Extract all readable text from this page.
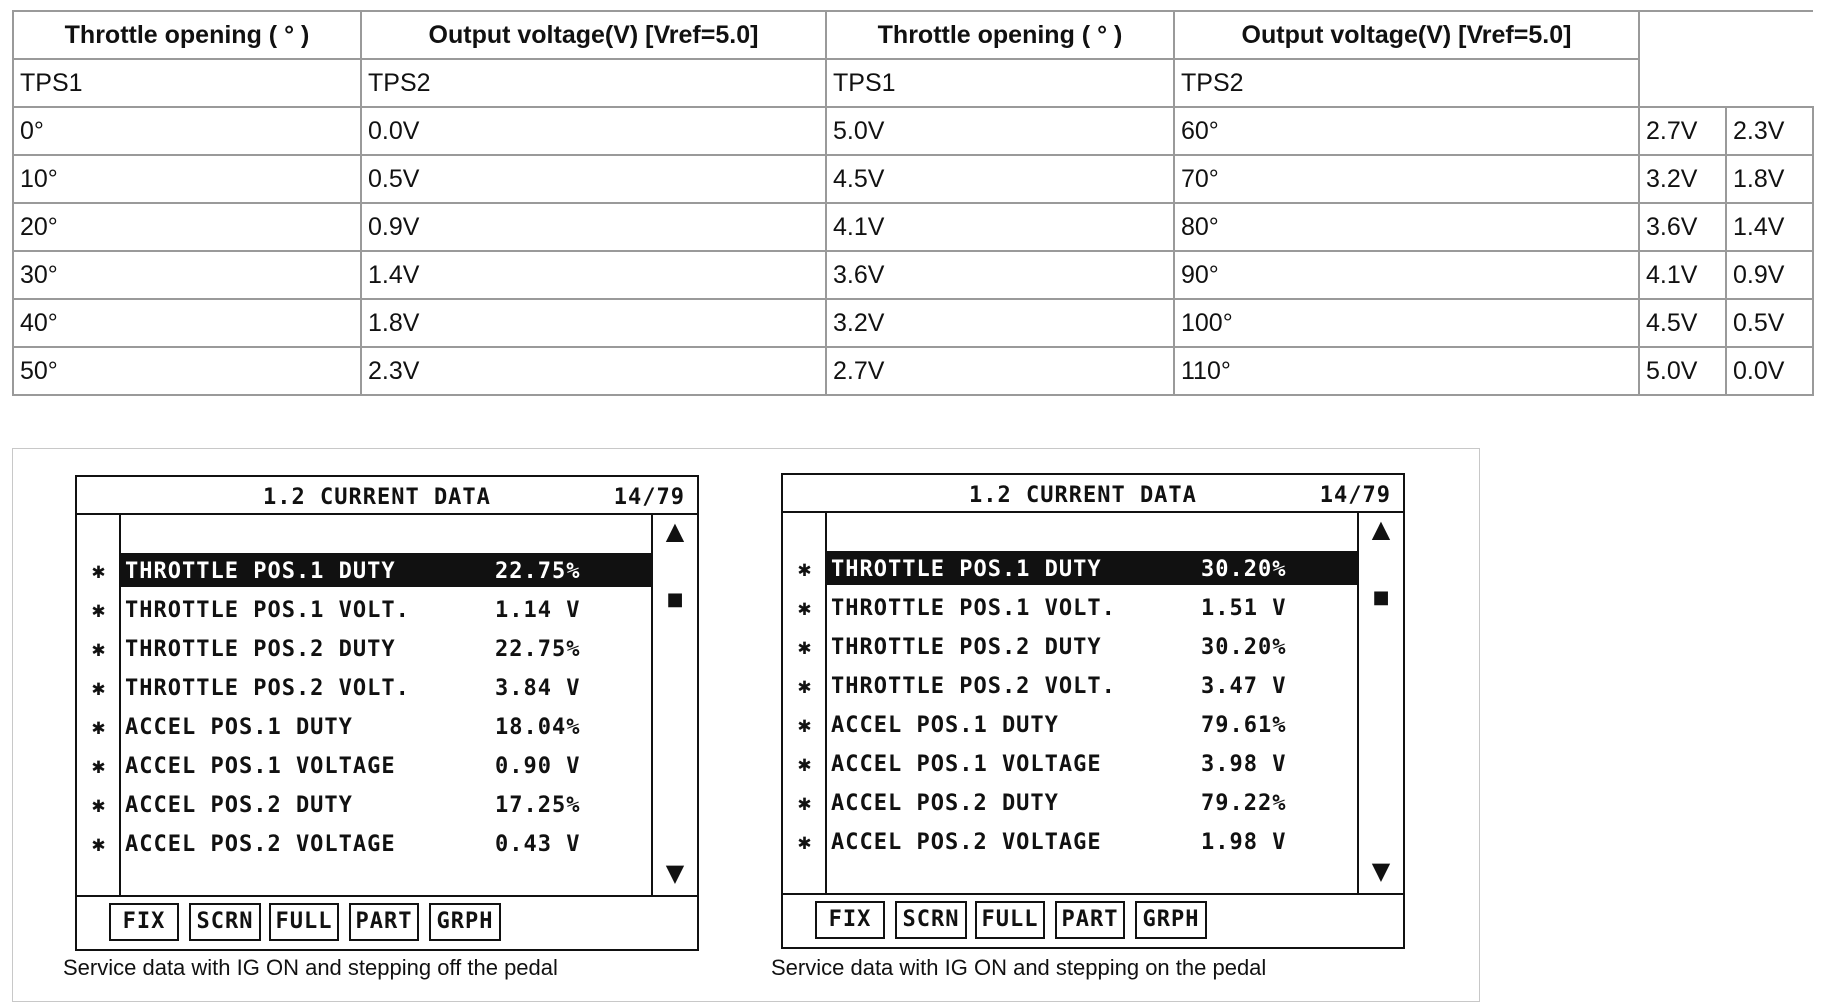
Throttle opening ( ° )	Output voltage(V) [Vref=5.0]	Throttle opening ( ° )	Output voltage(V) [Vref=5.0]		
TPS1	TPS2	TPS1	TPS2		
0°	0.0V	5.0V	60°	2.7V	2.3V
10°	0.5V	4.5V	70°	3.2V	1.8V
20°	0.9V	4.1V	80°	3.6V	1.4V
30°	1.4V	3.6V	90°	4.1V	0.9V
40°	1.8V	3.2V	100°	4.5V	0.5V
50°	2.3V	2.7V	110°	5.0V	0.0V
1.2 CURRENT DATA	14/79
▲
■
▼
✱ THROTTLE POS.1 DUTY	22.75%
✱ THROTTLE POS.1 VOLT.	1.14 V
✱ THROTTLE POS.2 DUTY	22.75%
✱ THROTTLE POS.2 VOLT.	3.84 V
✱ ACCEL POS.1 DUTY	18.04%
✱ ACCEL POS.1 VOLTAGE	0.90 V
✱ ACCEL POS.2 DUTY	17.25%
✱ ACCEL POS.2 VOLTAGE	0.43 V
FIX	SCRN	FULL PART	GRPH
Service data with IG ON and stepping off the pedal
1.2 CURRENT DATA	14/79
▲
■
▼
✱ THROTTLE POS.1 DUTY	30.20%
✱ THROTTLE POS.1 VOLT.	1.51 V
✱ THROTTLE POS.2 DUTY	30.20%
✱ THROTTLE POS.2 VOLT.	3.47 V
✱ ACCEL POS.1 DUTY	79.61%
✱ ACCEL POS.1 VOLTAGE	3.98 V
✱ ACCEL POS.2 DUTY	79.22%
✱ ACCEL POS.2 VOLTAGE	1.98 V
FIX	SCRN	FULL PART	GRPH
Service data with IG ON and stepping on the pedal
